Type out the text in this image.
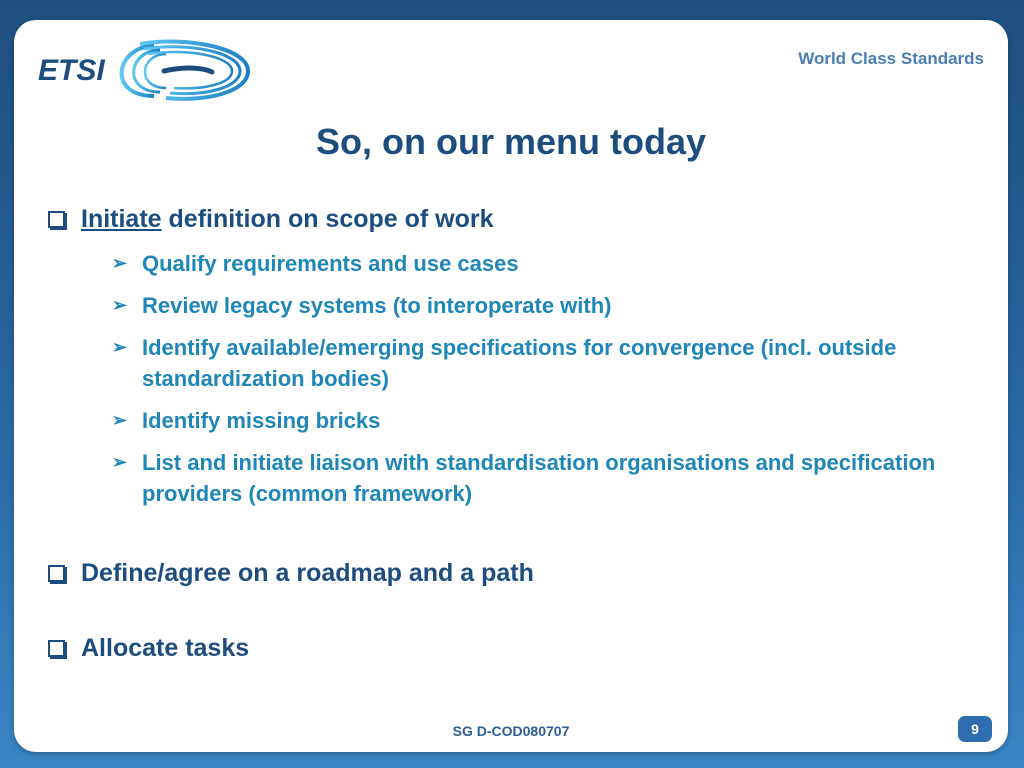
ETSI	World Class Standards
So, on our menu today
Initiate definition on scope of work
➢ Qualify requirements and use cases
➢ Review legacy systems (to interoperate with)
➢ Identify available/emerging specifications for convergence (incl. outside standardization bodies)
➢ Identify missing bricks
➢ List and initiate liaison with standardisation organisations and specification providers (common framework)
Define/agree on a roadmap and a path
Allocate tasks
SG D-COD080707	9
